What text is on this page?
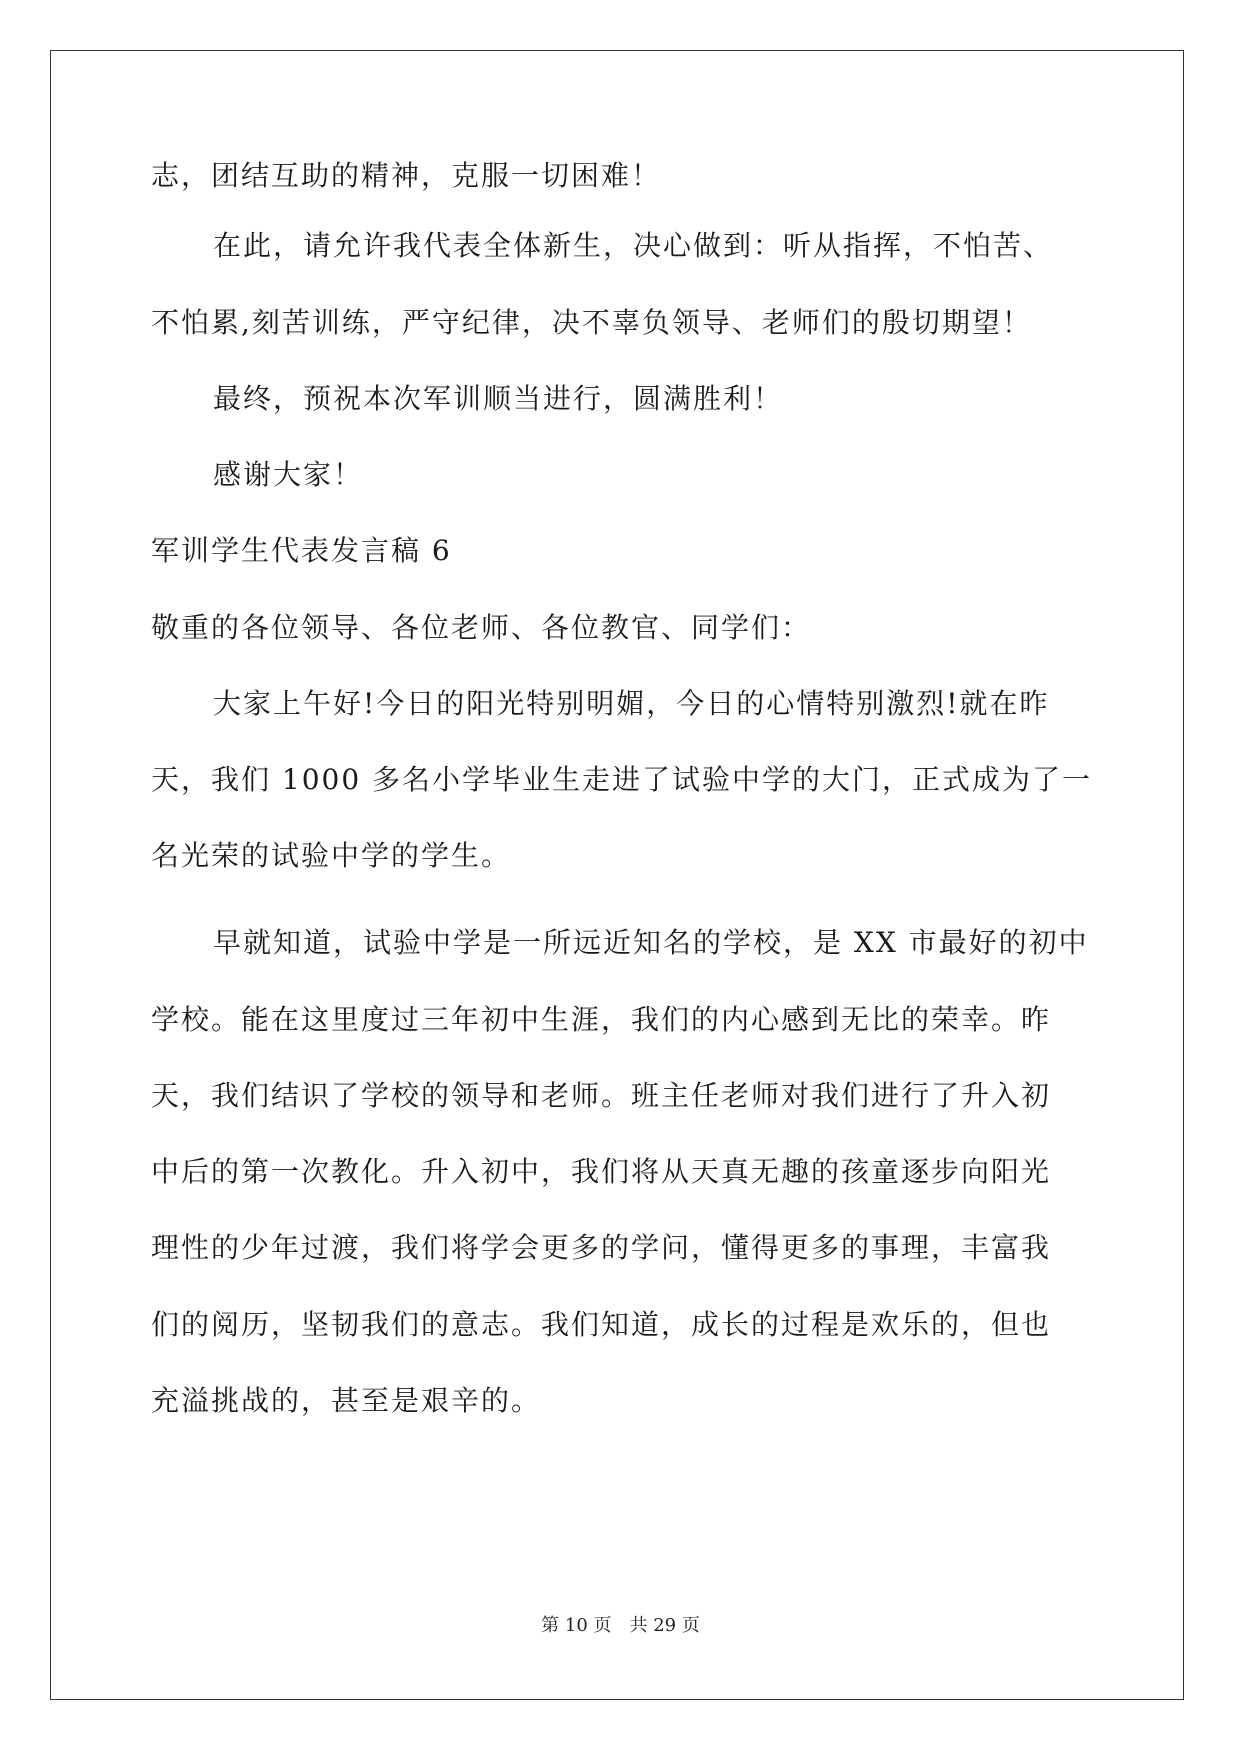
志，团结互助的精神，克服一切困难！
在此，请允许我代表全体新生，决心做到：听从指挥，不怕苦、
不怕累,刻苦训练，严守纪律，决不辜负领导、老师们的殷切期望！
最终，预祝本次军训顺当进行，圆满胜利！
感谢大家！
军训学生代表发言稿 6
敬重的各位领导、各位老师、各位教官、同学们：
大家上午好!今日的阳光特别明媚，今日的心情特别激烈!就在昨
天，我们 1000 多名小学毕业生走进了试验中学的大门，正式成为了一
名光荣的试验中学的学生。
早就知道，试验中学是一所远近知名的学校，是 XX 市最好的初中
学校。能在这里度过三年初中生涯，我们的内心感到无比的荣幸。昨
天，我们结识了学校的领导和老师。班主任老师对我们进行了升入初
中后的第一次教化。升入初中，我们将从天真无趣的孩童逐步向阳光
理性的少年过渡，我们将学会更多的学问，懂得更多的事理，丰富我
们的阅历，坚韧我们的意志。我们知道，成长的过程是欢乐的，但也
充溢挑战的，甚至是艰辛的。
第 10 页　共 29 页
